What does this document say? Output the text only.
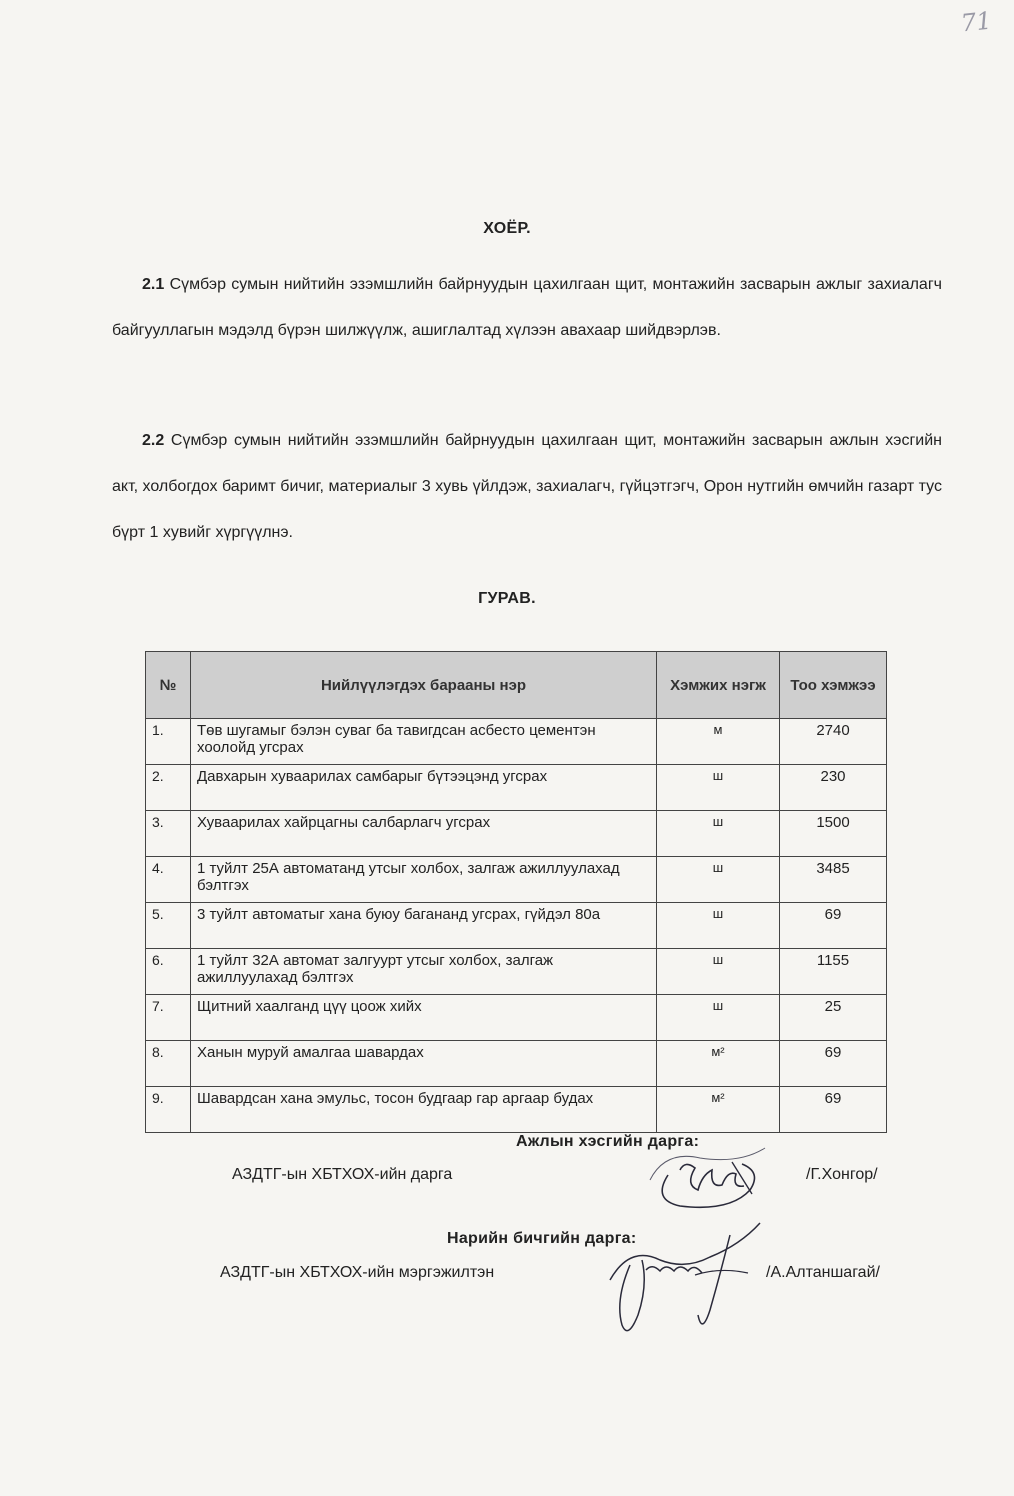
71
ХОЁР.

2.1 Сүмбэр сумын нийтийн эзэмшлийн байрнуудын цахилгаан щит, монтажийн засварын ажлыг захиалагч байгууллагын мэдэлд бүрэн шилжүүлж, ашиглалтад хүлээн авахаар шийдвэрлэв.

2.2 Сүмбэр сумын нийтийн эзэмшлийн байрнуудын цахилгаан щит, монтажийн засварын ажлын хэсгийн акт, холбогдох баримт бичиг, материалыг 3 хувь үйлдэж, захиалагч, гүйцэтгэгч, Орон нутгийн өмчийн газарт тус бүрт 1 хувийг хүргүүлнэ.

ГУРАВ.
№	Нийлүүлэгдэх барааны нэр	Хэмжих нэгж	Тоо хэмжээ
1.	Төв шугамыг бэлэн суваг ба тавигдсан асбесто цементэн хоолойд угсрах	м	2740
2.	Давхарын хуваарилах самбарыг бүтээцэнд угсрах	ш	230
3.	Хуваарилах хайрцагны салбарлагч угсрах	ш	1500
4.	1 туйлт 25А автоматанд утсыг холбох, залгаж ажиллуулахад бэлтгэх	ш	3485
5.	3 туйлт автоматыг хана буюу багананд угсрах, гүйдэл 80а	ш	69
6.	1 туйлт 32А автомат залгуурт утсыг холбох, залгаж ажиллуулахад бэлтгэх	ш	1155
7.	Щитний хаалганд цүү цоож хийх	ш	25
8.	Ханын муруй амалгаа шавардах	м²	69
9.	Шавардсан хана эмульс, тосон будгаар гар аргаар будах	м²	69
Ажлын хэсгийн дарга:
АЗДТГ-ын ХБТХОХ-ийн дарга	/Г.Хонгор/
Нарийн бичгийн дарга:
АЗДТГ-ын ХБТХОХ-ийн мэргэжилтэн	/А.Алтаншагай/
